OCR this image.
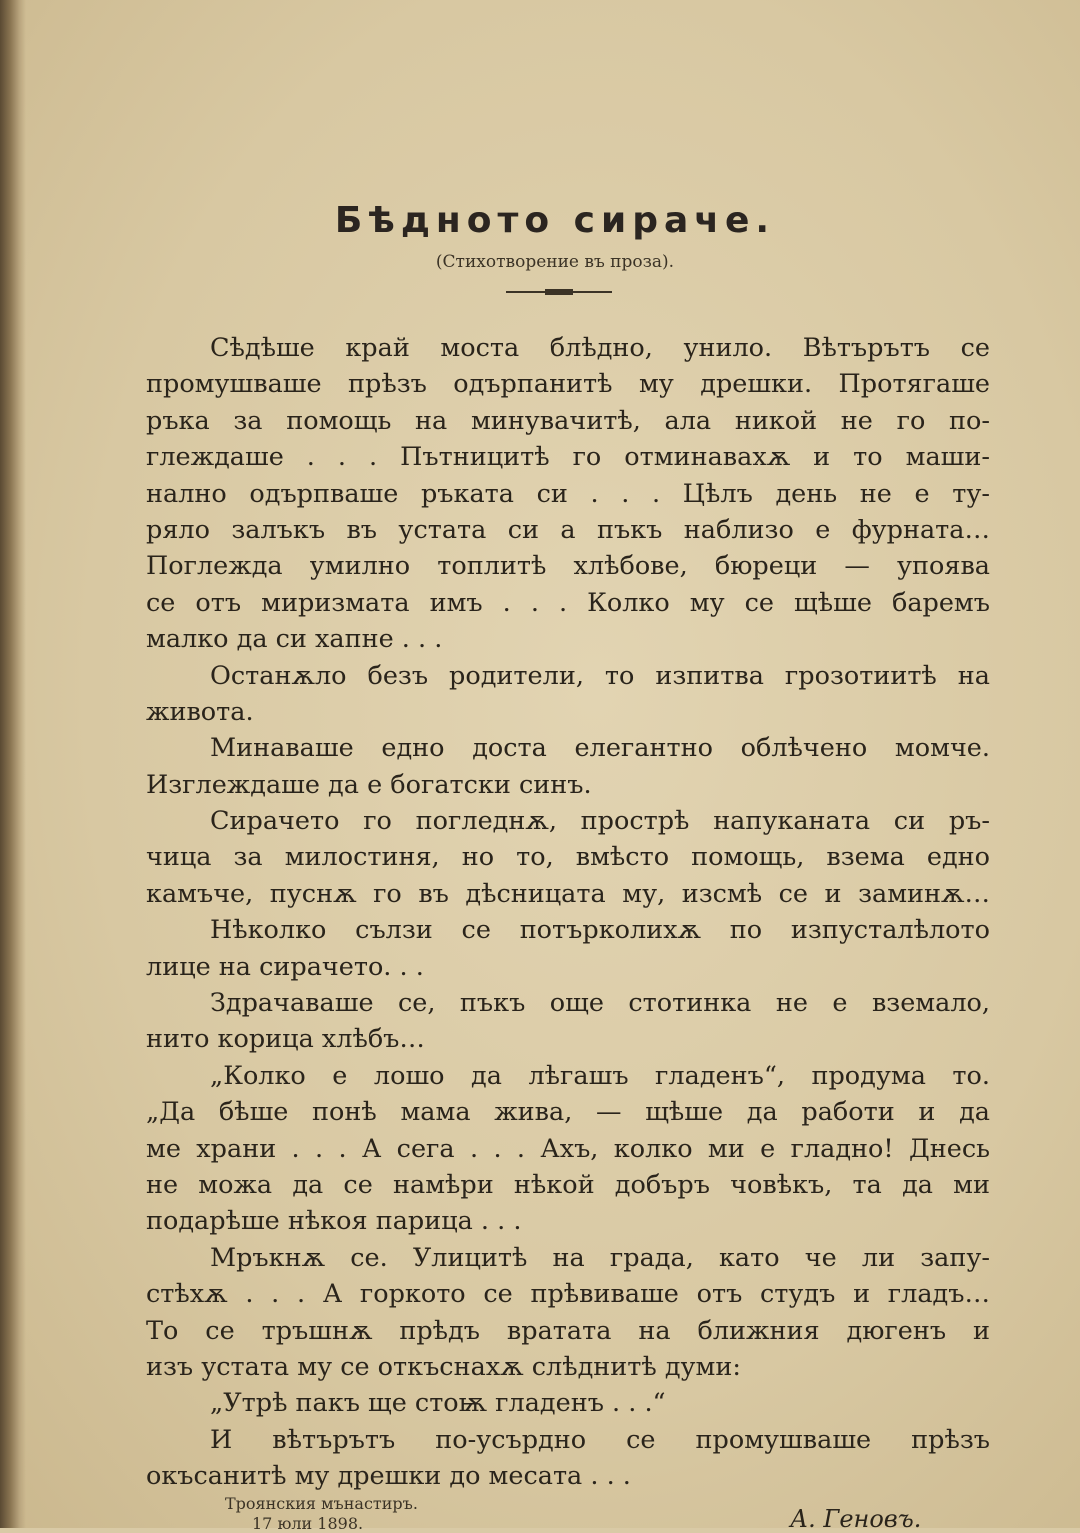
Бѣдното сираче.
(Стихотворение въ проза).
Сѣдѣше край моста блѣдно, унило. Вѣтърътъ се
промушваше прѣзъ одърпанитѣ му дрешки. Протягаше
ръка за помощь на минувачитѣ, ала никой не го по-
глеждаше . . . Пътницитѣ го отминавахѫ и то маши-
нално одърпваше ръката си . . . Цѣлъ день не е ту-
ряло залъкъ въ устата си а пъкъ наблизо е фурната…
Поглежда умилно топлитѣ хлѣбове, бюреци — упоява
се отъ миризмата имъ . . . Колко му се щѣше баремъ
малко да си хапне . . .
Останѫло безъ родители, то изпитва грозотиитѣ на
живота.
Минаваше едно доста елегантно облѣчено момче.
Изглеждаше да е богатски синъ.
Сирачето го погледнѫ, прострѣ напуканата си ръ-
чица за милостиня, но то, вмѣсто помощь, взема едно
камъче, пуснѫ го въ дѣсницата му, изсмѣ се и заминѫ…
Нѣколко сълзи се потърколихѫ по изпусталѣлото
лице на сирачето. . .
Здрачаваше се, пъкъ още стотинка не е вземало,
нито корица хлѣбъ…
„Колко е лошо да лѣгашъ гладенъ“, продума то.
„Да бѣше понѣ мама жива, — щѣше да работи и да
ме храни . . . А сега . . . Ахъ, колко ми е гладно! Днесь
не можа да се намѣри нѣкой добъръ човѣкъ, та да ми
подарѣше нѣкоя парица . . .
Мръкнѫ се. Улицитѣ на града, като че ли запу-
стѣхѫ . . . А горкото се прѣвиваше отъ студъ и гладъ…
То се тръшнѫ прѣдъ вратата на ближния дюгенъ и
изъ устата му се откъснахѫ слѣднитѣ думи:
„Утрѣ пакъ ще стоѭ гладенъ . . .“
И вѣтърътъ по-усърдно се промушваше прѣзъ
окъсанитѣ му дрешки до месата . . .
Троянския мънастиръ.
17 юли 1898.	А. Геновъ.
